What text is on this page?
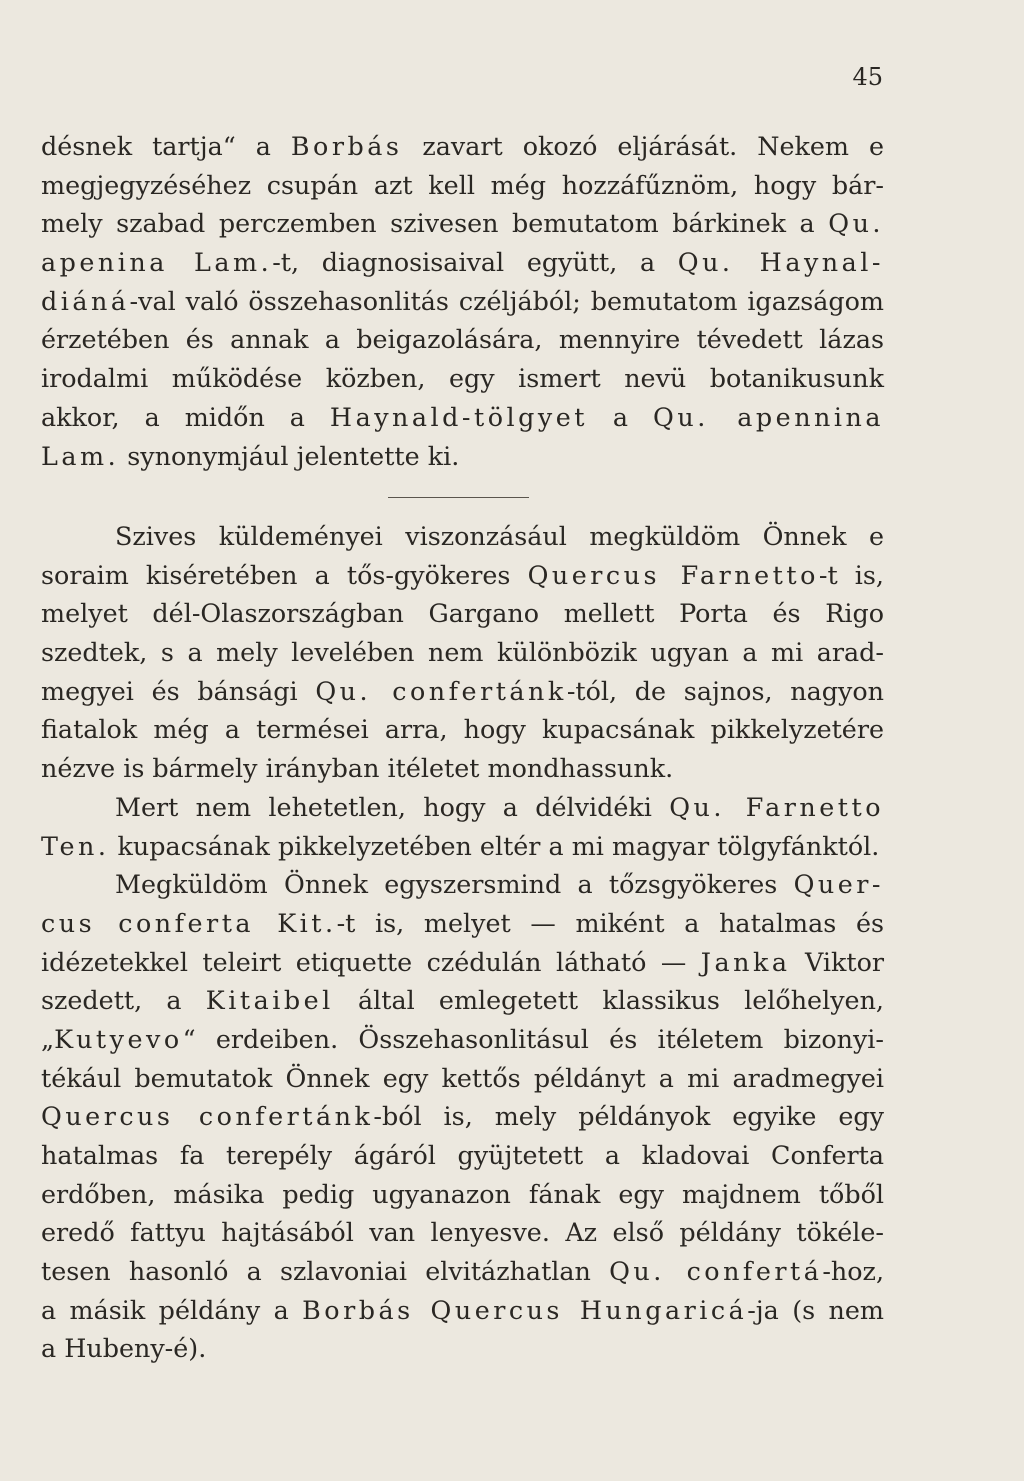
45
désnek tartja“ a Borbás zavart okozó eljárását. Nekem e
megjegyzéséhez csupán azt kell még hozzáfűznöm, hogy bár-
mely szabad perczemben szivesen bemutatom bárkinek a Qu.
apenina Lam.-t, diagnosisaival együtt, a Qu. Haynal-
diáná-val való összehasonlitás czéljából; bemutatom igazságom
érzetében és annak a beigazolására, mennyire tévedett lázas
irodalmi működése közben, egy ismert nevü botanikusunk
akkor, a midőn a Haynald-tölgyet a Qu. apennina
Lam. synonymjául jelentette ki.
Szives küldeményei viszonzásául megküldöm Önnek e
soraim kiséretében a tős-gyökeres Quercus Farnetto-t is,
melyet dél-Olaszországban Gargano mellett Porta és Rigo
szedtek, s a mely levelében nem különbözik ugyan a mi arad-
megyei és bánsági Qu. confertánk-tól, de sajnos, nagyon
fiatalok még a termései arra, hogy kupacsának pikkelyzetére
nézve is bármely irányban itéletet mondhassunk.
Mert nem lehetetlen, hogy a délvidéki Qu. Farnetto
Ten. kupacsának pikkelyzetében eltér a mi magyar tölgyfánktól.
Megküldöm Önnek egyszersmind a tőzsgyökeres Quer-
cus conferta Kit.-t is, melyet — miként a hatalmas és
idézetekkel teleirt etiquette czédulán látható — Janka Viktor
szedett, a Kitaibel által emlegetett klassikus lelőhelyen,
„Kutyevo“ erdeiben. Összehasonlitásul és itéletem bizonyi-
tékául bemutatok Önnek egy kettős példányt a mi aradmegyei
Quercus confertánk-ból is, mely példányok egyike egy
hatalmas fa terepély ágáról gyüjtetett a kladovai Conferta
erdőben, másika pedig ugyanazon fának egy majdnem tőből
eredő fattyu hajtásából van lenyesve. Az első példány tökéle-
tesen hasonló a szlavoniai elvitázhatlan Qu. confertá-hoz,
a másik példány a Borbás Quercus Hungaricá-ja (s nem
a Hubeny-é).
